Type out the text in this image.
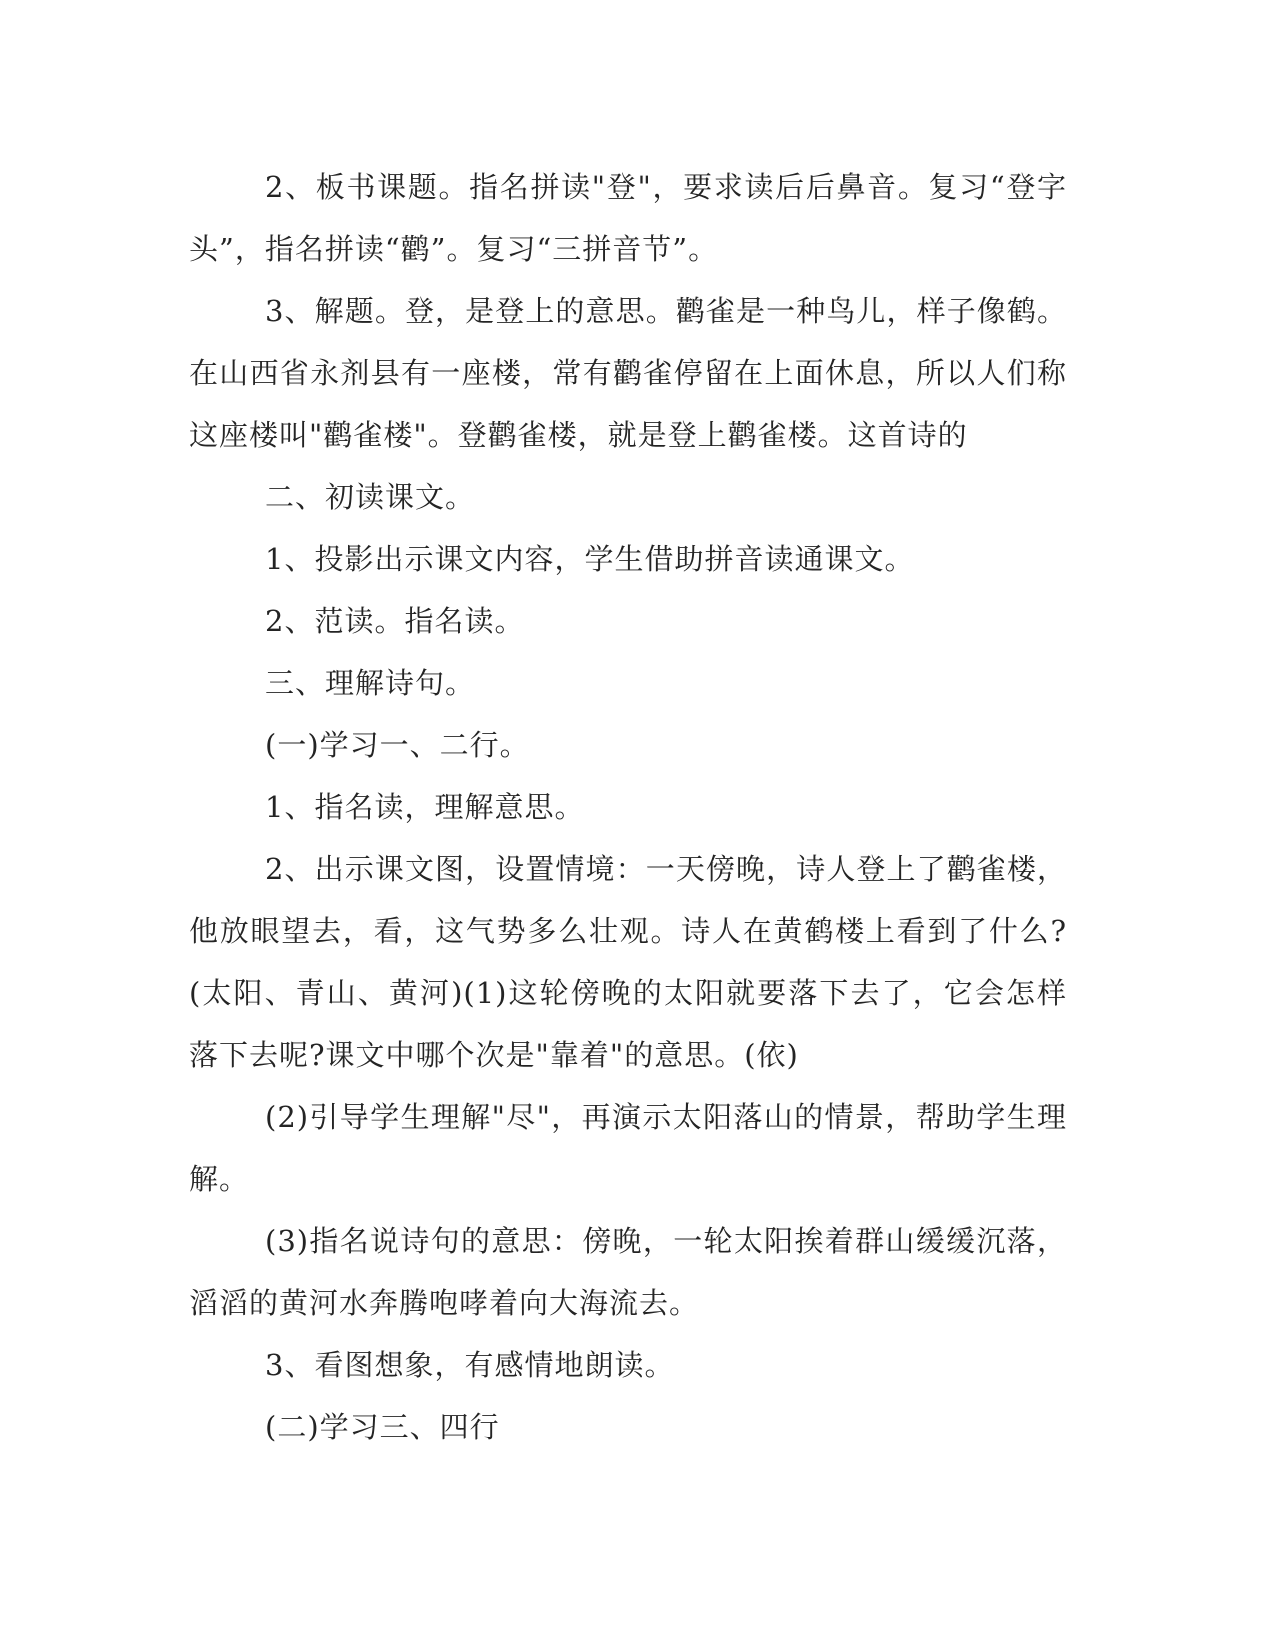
2、板书课题。指名拼读"登"，要求读后后鼻音。复习“登字头”，指名拼读“鹳”。复习“三拼音节”。

3、解题。登，是登上的意思。鹳雀是一种鸟儿，样子像鹤。在山西省永剂县有一座楼，常有鹳雀停留在上面休息，所以人们称这座楼叫"鹳雀楼"。登鹳雀楼，就是登上鹳雀楼。这首诗的

二、初读课文。

1、投影出示课文内容，学生借助拼音读通课文。

2、范读。指名读。

三、理解诗句。

(一)学习一、二行。

1、指名读，理解意思。

2、出示课文图，设置情境：一天傍晚，诗人登上了鹳雀楼，他放眼望去，看，这气势多么壮观。诗人在黄鹤楼上看到了什么?(太阳、青山、黄河)(1)这轮傍晚的太阳就要落下去了，它会怎样落下去呢?课文中哪个次是"靠着"的意思。(依)

(2)引导学生理解"尽"，再演示太阳落山的情景，帮助学生理解。

(3)指名说诗句的意思：傍晚，一轮太阳挨着群山缓缓沉落，滔滔的黄河水奔腾咆哮着向大海流去。

3、看图想象，有感情地朗读。

(二)学习三、四行
